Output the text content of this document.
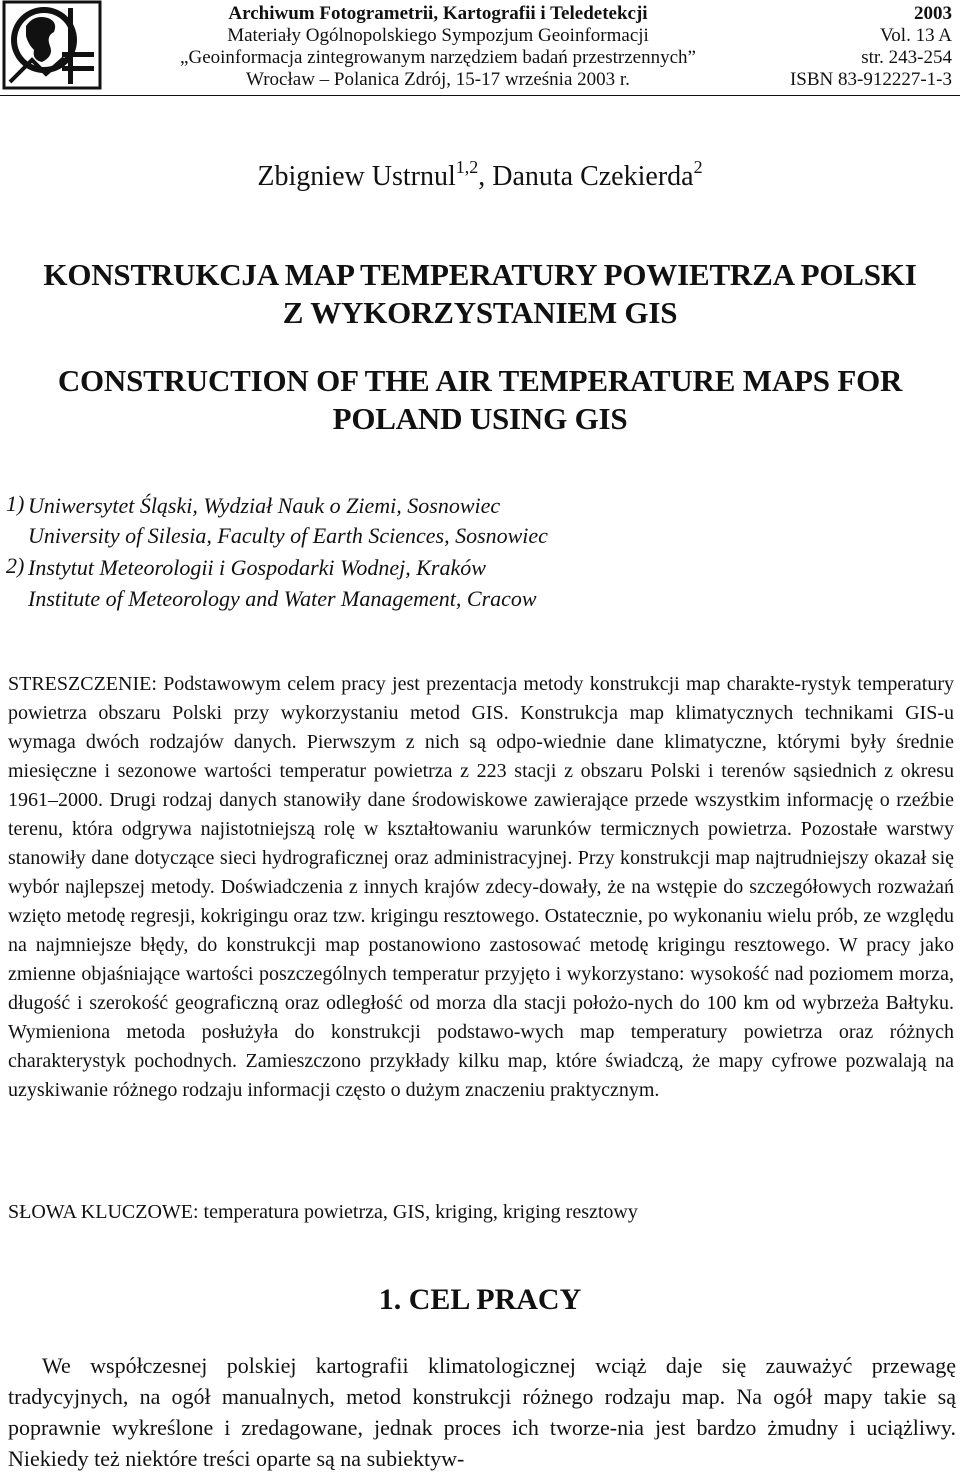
Archiwum Fotogrametrii, Kartografii i Teledetekcji
Materiały Ogólnopolskiego Sympozjum Geoinformacji
„Geoinformacja zintegrowanym narzędziem badań przestrzennych”
Wrocław – Polanica Zdrój, 15-17 września 2003 r.
2003
Vol. 13 A
str. 243-254
ISBN 83-912227-1-3
Zbigniew Ustrnul$^{1,2}$, Danuta Czekierda$^2$
KONSTRUKCJA MAP TEMPERATURY POWIETRZA POLSKI
Z WYKORZYSTANIEM GIS
CONSTRUCTION OF THE AIR TEMPERATURE MAPS FOR
POLAND USING GIS
1) Uniwersytet Śląski, Wydział Nauk o Ziemi, Sosnowiec
University of Silesia, Faculty of Earth Sciences, Sosnowiec
2) Instytut Meteorologii i Gospodarki Wodnej, Kraków
Institute of Meteorology and Water Management, Cracow
STRESZCZENIE: Podstawowym celem pracy jest prezentacja metody konstrukcji map charakte-rystyk temperatury powietrza obszaru Polski przy wykorzystaniu metod GIS. Konstrukcja map klimatycznych technikami GIS-u wymaga dwóch rodzajów danych. Pierwszym z nich są odpo-wiednie dane klimatyczne, którymi były średnie miesięczne i sezonowe wartości temperatur powietrza z 223 stacji z obszaru Polski i terenów sąsiednich z okresu 1961–2000. Drugi rodzaj danych stanowiły dane środowiskowe zawierające przede wszystkim informację o rzeźbie terenu, która odgrywa najistotniejszą rolę w kształtowaniu warunków termicznych powietrza. Pozostałe warstwy stanowiły dane dotyczące sieci hydrograficznej oraz administracyjnej. Przy konstrukcji map najtrudniejszy okazał się wybór najlepszej metody. Doświadczenia z innych krajów zdecy-dowały, że na wstępie do szczegółowych rozważań wzięto metodę regresji, kokrigingu oraz tzw. krigingu resztowego. Ostatecznie, po wykonaniu wielu prób, ze względu na najmniejsze błędy, do konstrukcji map postanowiono zastosować metodę krigingu resztowego. W pracy jako zmienne objaśniające wartości poszczególnych temperatur przyjęto i wykorzystano: wysokość nad poziomem morza, długość i szerokość geograficzną oraz odległość od morza dla stacji położo-nych do 100 km od wybrzeża Bałtyku. Wymieniona metoda posłużyła do konstrukcji podstawo-wych map temperatury powietrza oraz różnych charakterystyk pochodnych. Zamieszczono przykłady kilku map, które świadczą, że mapy cyfrowe pozwalają na uzyskiwanie różnego rodzaju informacji często o dużym znaczeniu praktycznym.
SŁOWA KLUCZOWE: temperatura powietrza, GIS, kriging, kriging resztowy
1. CEL PRACY
We współczesnej polskiej kartografii klimatologicznej wciąż daje się zauważyć przewagę tradycyjnych, na ogół manualnych, metod konstrukcji różnego rodzaju map. Na ogół mapy takie są poprawnie wykreślone i zredagowane, jednak proces ich tworze-nia jest bardzo żmudny i uciążliwy. Niekiedy też niektóre treści oparte są na subiektyw-
